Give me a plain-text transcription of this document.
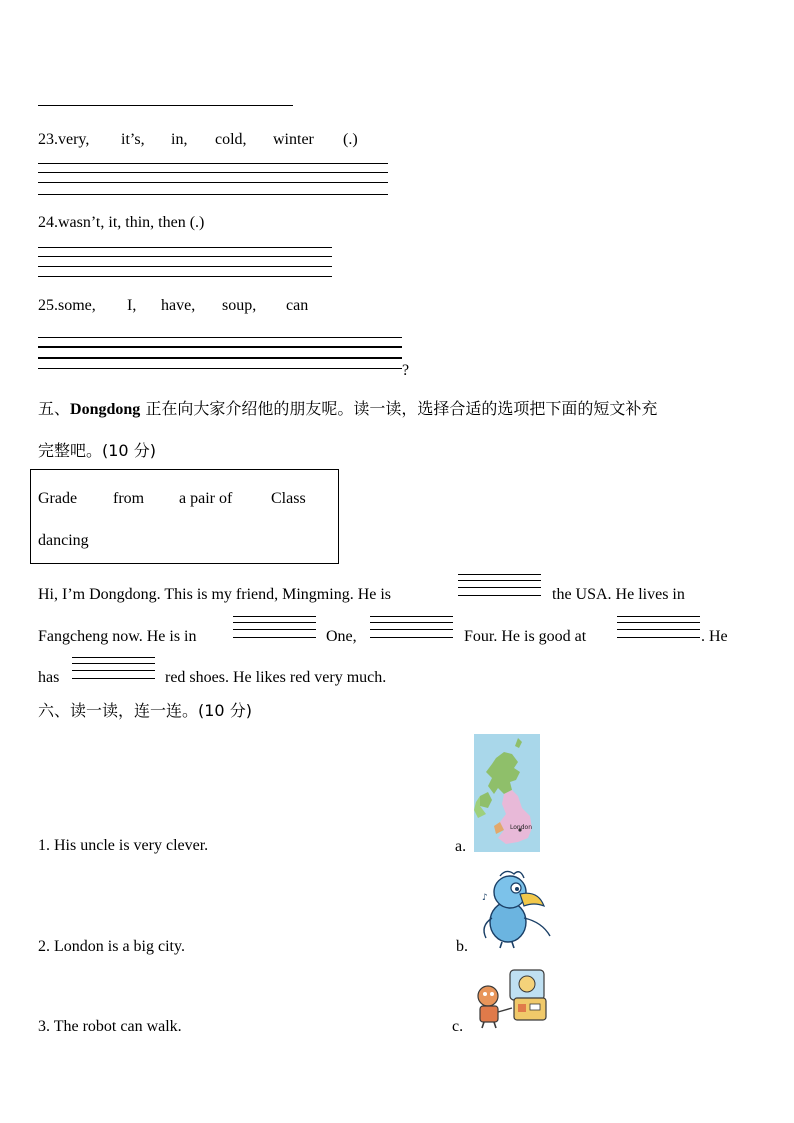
23.very, it’s, in, cold, winter (.)
24.wasn’t, it, thin, then (.)
25.some, I, have, soup, can
?
五、Dongdong 正在向大家介绍他的朋友呢。读一读，选择合适的选项把下面的短文补充
完整吧。(10 分)
Grade from a pair of Class
dancing
Hi, I’m Dongdong. This is my friend, Mingming. He is	the USA. He lives in
Fangcheng now. He is in	One,	Four. He is good at	. He
has	red shoes. He likes red very much.
六、读一读，连一连。(10 分)
1. His uncle is very clever.	a.
2. London is a big city.	b.
3. The robot can walk.	c.
London
♪
